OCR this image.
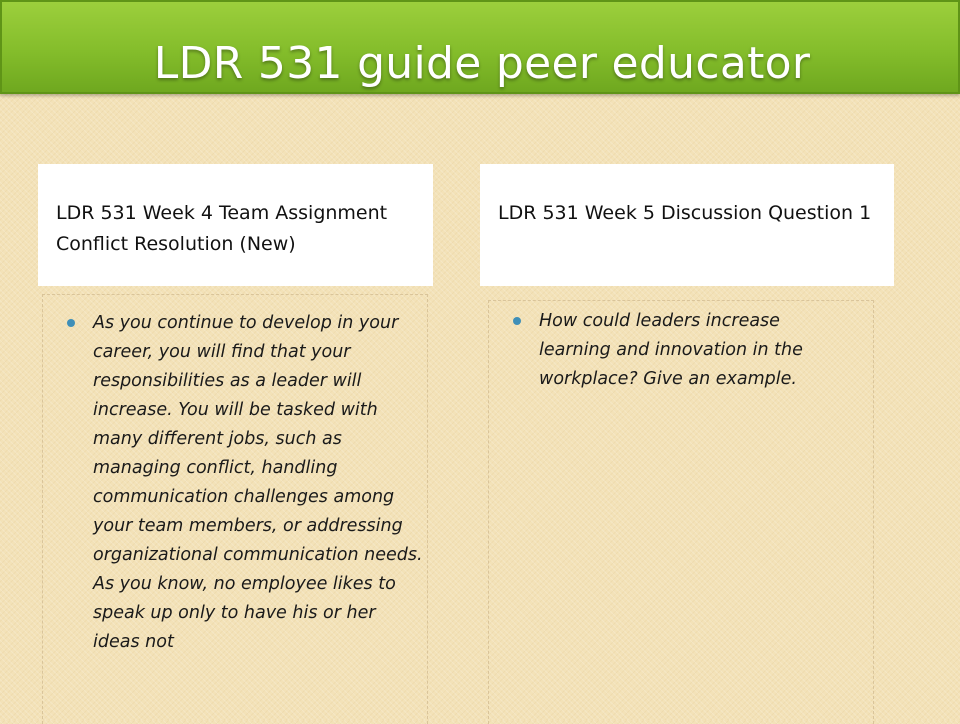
LDR 531 guide peer educator
LDR 531 Week 4 Team Assignment Conflict Resolution (New)
LDR 531 Week 5 Discussion Question 1
As you continue to develop in your career, you will find that your responsibilities as a leader will increase. You will be tasked with many different jobs, such as managing conflict, handling communication challenges among your team members, or addressing organizational communication needs. As you know, no employee likes to speak up only to have his or her ideas not
How could leaders increase learning and innovation in the workplace? Give an example.
